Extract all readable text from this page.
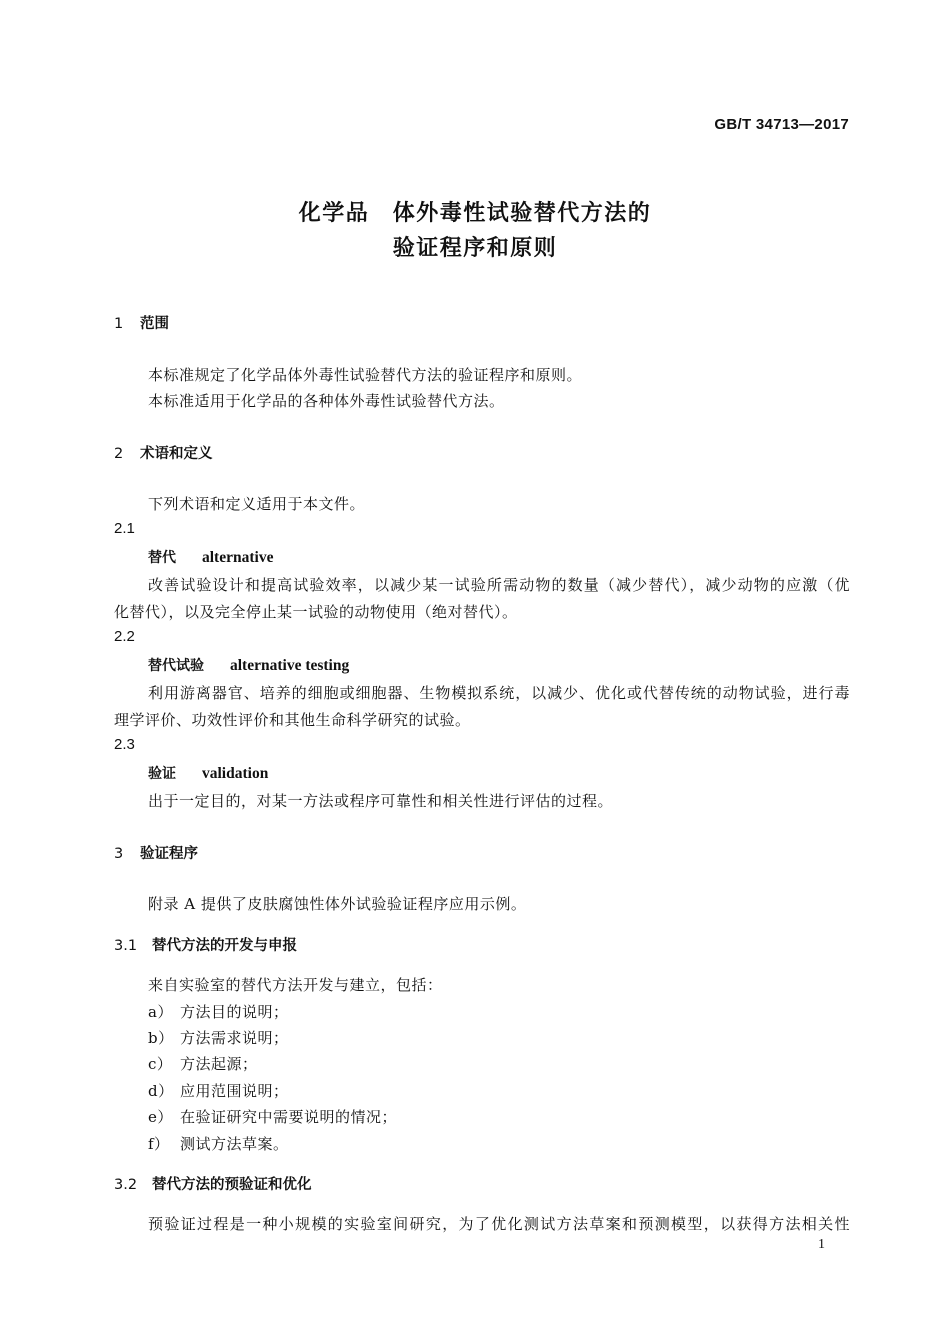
GB/T 34713—2017
化学品　体外毒性试验替代方法的
验证程序和原则
1 范围
本标准规定了化学品体外毒性试验替代方法的验证程序和原则。
本标准适用于化学品的各种体外毒性试验替代方法。
2 术语和定义
下列术语和定义适用于本文件。
2.1
替代 alternative
改善试验设计和提高试验效率，以减少某一试验所需动物的数量（减少替代），减少动物的应激（优
化替代），以及完全停止某一试验的动物使用（绝对替代）。
2.2
替代试验 alternative testing
利用游离器官、培养的细胞或细胞器、生物模拟系统，以减少、优化或代替传统的动物试验，进行毒
理学评价、功效性评价和其他生命科学研究的试验。
2.3
验证 validation
出于一定目的，对某一方法或程序可靠性和相关性进行评估的过程。
3 验证程序
附录 A 提供了皮肤腐蚀性体外试验验证程序应用示例。
3.1 替代方法的开发与申报
来自实验室的替代方法开发与建立，包括：
a） 方法目的说明；
b） 方法需求说明；
c） 方法起源；
d） 应用范围说明；
e） 在验证研究中需要说明的情况；
f） 测试方法草案。
3.2 替代方法的预验证和优化
预验证过程是一种小规模的实验室间研究，为了优化测试方法草案和预测模型，以获得方法相关性
1
